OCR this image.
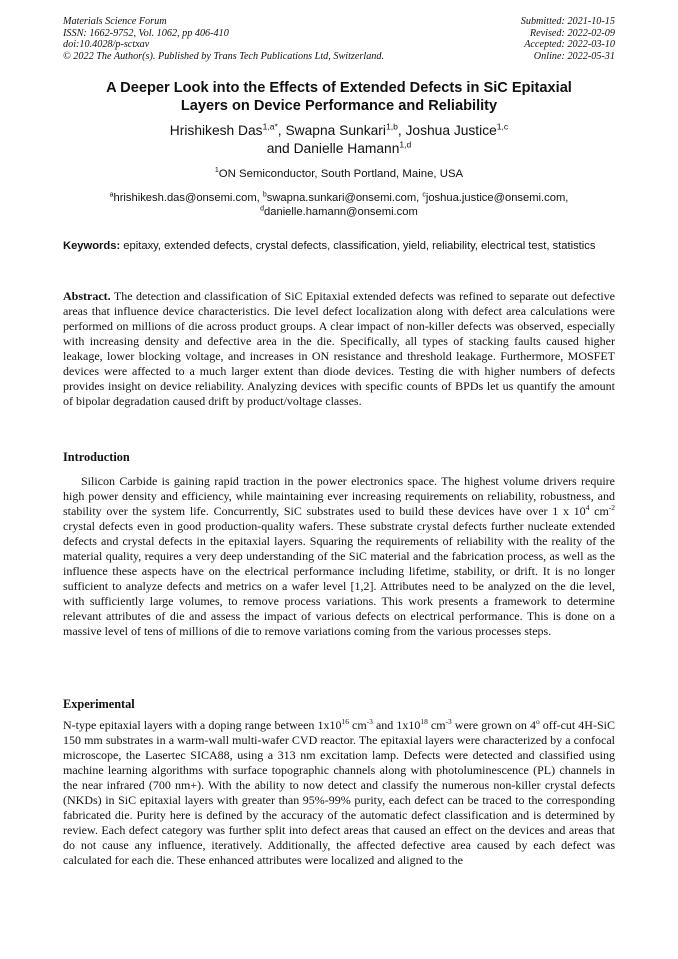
Materials Science Forum
ISSN: 1662-9752, Vol. 1062, pp 406-410
doi:10.4028/p-sctxav
© 2022 The Author(s). Published by Trans Tech Publications Ltd, Switzerland.
Submitted: 2021-10-15
Revised: 2022-02-09
Accepted: 2022-03-10
Online: 2022-05-31
A Deeper Look into the Effects of Extended Defects in SiC Epitaxial
Layers on Device Performance and Reliability
Hrishikesh Das$^{1,a*}$, Swapna Sunkari$^{1,b}$, Joshua Justice$^{1,c}$
and Danielle Hamann$^{1,d}$
$^1$ON Semiconductor, South Portland, Maine, USA
$^a$hrishikesh.das@onsemi.com, $^b$swapna.sunkari@onsemi.com, $^c$joshua.justice@onsemi.com,
$^d$danielle.hamann@onsemi.com
Keywords: epitaxy, extended defects, crystal defects, classification, yield, reliability, electrical test, statistics
Abstract. The detection and classification of SiC Epitaxial extended defects was refined to separate out defective areas that influence device characteristics. Die level defect localization along with defect area calculations were performed on millions of die across product groups. A clear impact of non-killer defects was observed, especially with increasing density and defective area in the die. Specifically, all types of stacking faults caused higher leakage, lower blocking voltage, and increases in ON resistance and threshold leakage. Furthermore, MOSFET devices were affected to a much larger extent than diode devices. Testing die with higher numbers of defects provides insight on device reliability. Analyzing devices with specific counts of BPDs let us quantify the amount of bipolar degradation caused drift by product/voltage classes.
Introduction
Silicon Carbide is gaining rapid traction in the power electronics space. The highest volume drivers require high power density and efficiency, while maintaining ever increasing requirements on reliability, robustness, and stability over the system life. Concurrently, SiC substrates used to build these devices have over 1 x $10^4$ $cm^{-2}$ crystal defects even in good production-quality wafers. These substrate crystal defects further nucleate extended defects and crystal defects in the epitaxial layers. Squaring the requirements of reliability with the reality of the material quality, requires a very deep understanding of the SiC material and the fabrication process, as well as the influence these aspects have on the electrical performance including lifetime, stability, or drift. It is no longer sufficient to analyze defects and metrics on a wafer level [1,2]. Attributes need to be analyzed on the die level, with sufficiently large volumes, to remove process variations. This work presents a framework to determine relevant attributes of die and assess the impact of various defects on electrical performance. This is done on a massive level of tens of millions of die to remove variations coming from the various processes steps.
Experimental
N-type epitaxial layers with a doping range between $1x10^{16}$ $cm^{-3}$ and $1x10^{18}$ $cm^{-3}$ were grown on 4$^o$ off-cut 4H-SiC 150 mm substrates in a warm-wall multi-wafer CVD reactor. The epitaxial layers were characterized by a confocal microscope, the Lasertec SICA88, using a 313 nm excitation lamp. Defects were detected and classified using machine learning algorithms with surface topographic channels along with photoluminescence (PL) channels in the near infrared (700 nm+). With the ability to now detect and classify the numerous non-killer crystal defects (NKDs) in SiC epitaxial layers with greater than 95%-99% purity, each defect can be traced to the corresponding fabricated die. Purity here is defined by the accuracy of the automatic defect classification and is determined by review. Each defect category was further split into defect areas that caused an effect on the devices and areas that do not cause any influence, iteratively. Additionally, the affected defective area caused by each defect was calculated for each die. These enhanced attributes were localized and aligned to the
